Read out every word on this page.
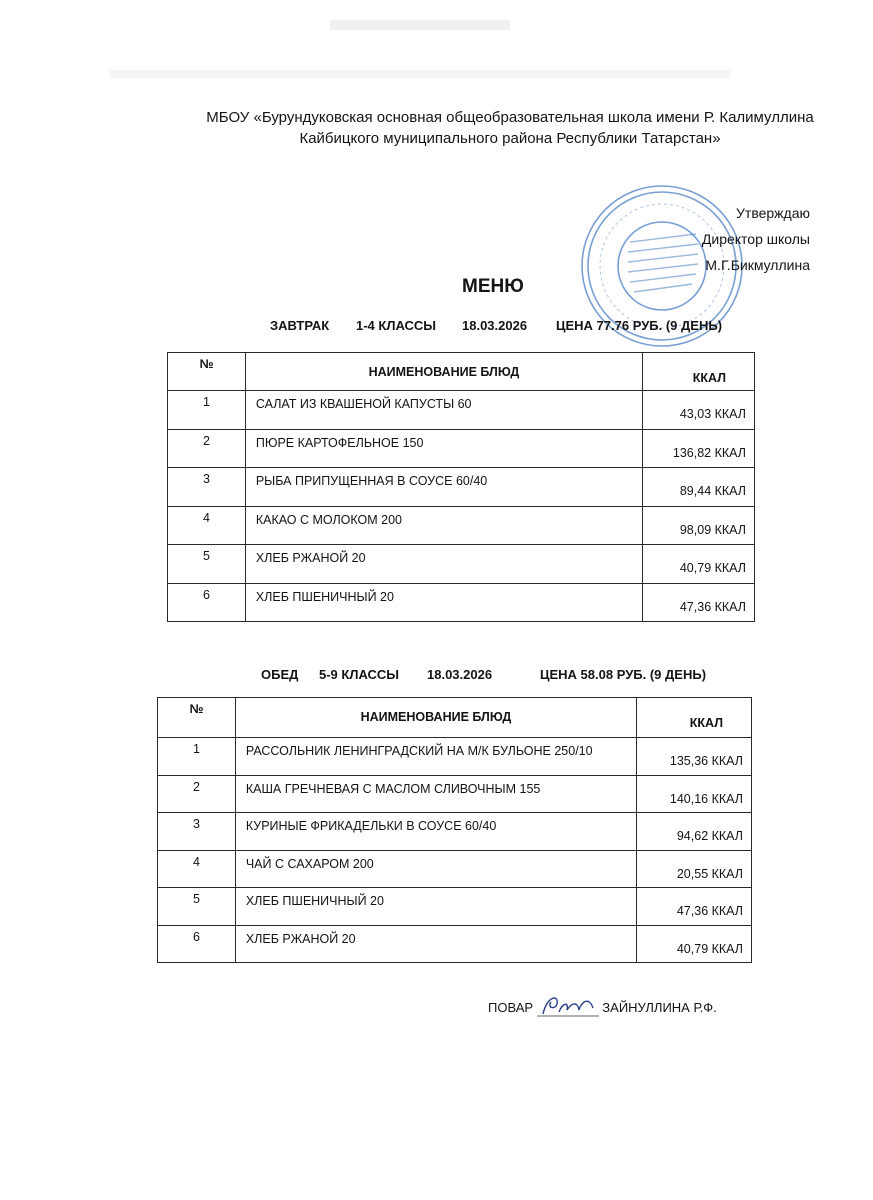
МБОУ «Бурундуковская основная общеобразовательная школа имени Р. Калимуллина
Кайбицкого муниципального района Республики Татарстан»
Утверждаю
Директор школы
М.Г.Бикмуллина
МЕНЮ
ЗАВТРАК 1-4 КЛАССЫ 18.03.2026 ЦЕНА 77.76 РУБ. (9 ДЕНЬ)
№	НАИМЕНОВАНИЕ БЛЮД	ККАЛ
1	САЛАТ ИЗ КВАШЕНОЙ КАПУСТЫ 60	43,03 ККАЛ
2	ПЮРЕ КАРТОФЕЛЬНОЕ 150	136,82 ККАЛ
3	РЫБА ПРИПУЩЕННАЯ В СОУСЕ 60/40	89,44 ККАЛ
4	КАКАО С МОЛОКОМ 200	98,09 ККАЛ
5	ХЛЕБ РЖАНОЙ 20	40,79 ККАЛ
6	ХЛЕБ ПШЕНИЧНЫЙ 20	47,36 ККАЛ
ОБЕД 5-9 КЛАССЫ 18.03.2026	ЦЕНА 58.08 РУБ. (9 ДЕНЬ)
№	НАИМЕНОВАНИЕ БЛЮД	ККАЛ
1	РАССОЛЬНИК ЛЕНИНГРАДСКИЙ НА М/К БУЛЬОНЕ 250/10	135,36 ККАЛ
2	КАША ГРЕЧНЕВАЯ С МАСЛОМ СЛИВОЧНЫМ 155	140,16 ККАЛ
3	КУРИНЫЕ ФРИКАДЕЛЬКИ В СОУСЕ 60/40	94,62 ККАЛ
4	ЧАЙ С САХАРОМ 200	20,55 ККАЛ
5	ХЛЕБ ПШЕНИЧНЫЙ 20	47,36 ККАЛ
6	ХЛЕБ РЖАНОЙ 20	40,79 ККАЛ
ПОВАР	ЗАЙНУЛЛИНА Р.Ф.
